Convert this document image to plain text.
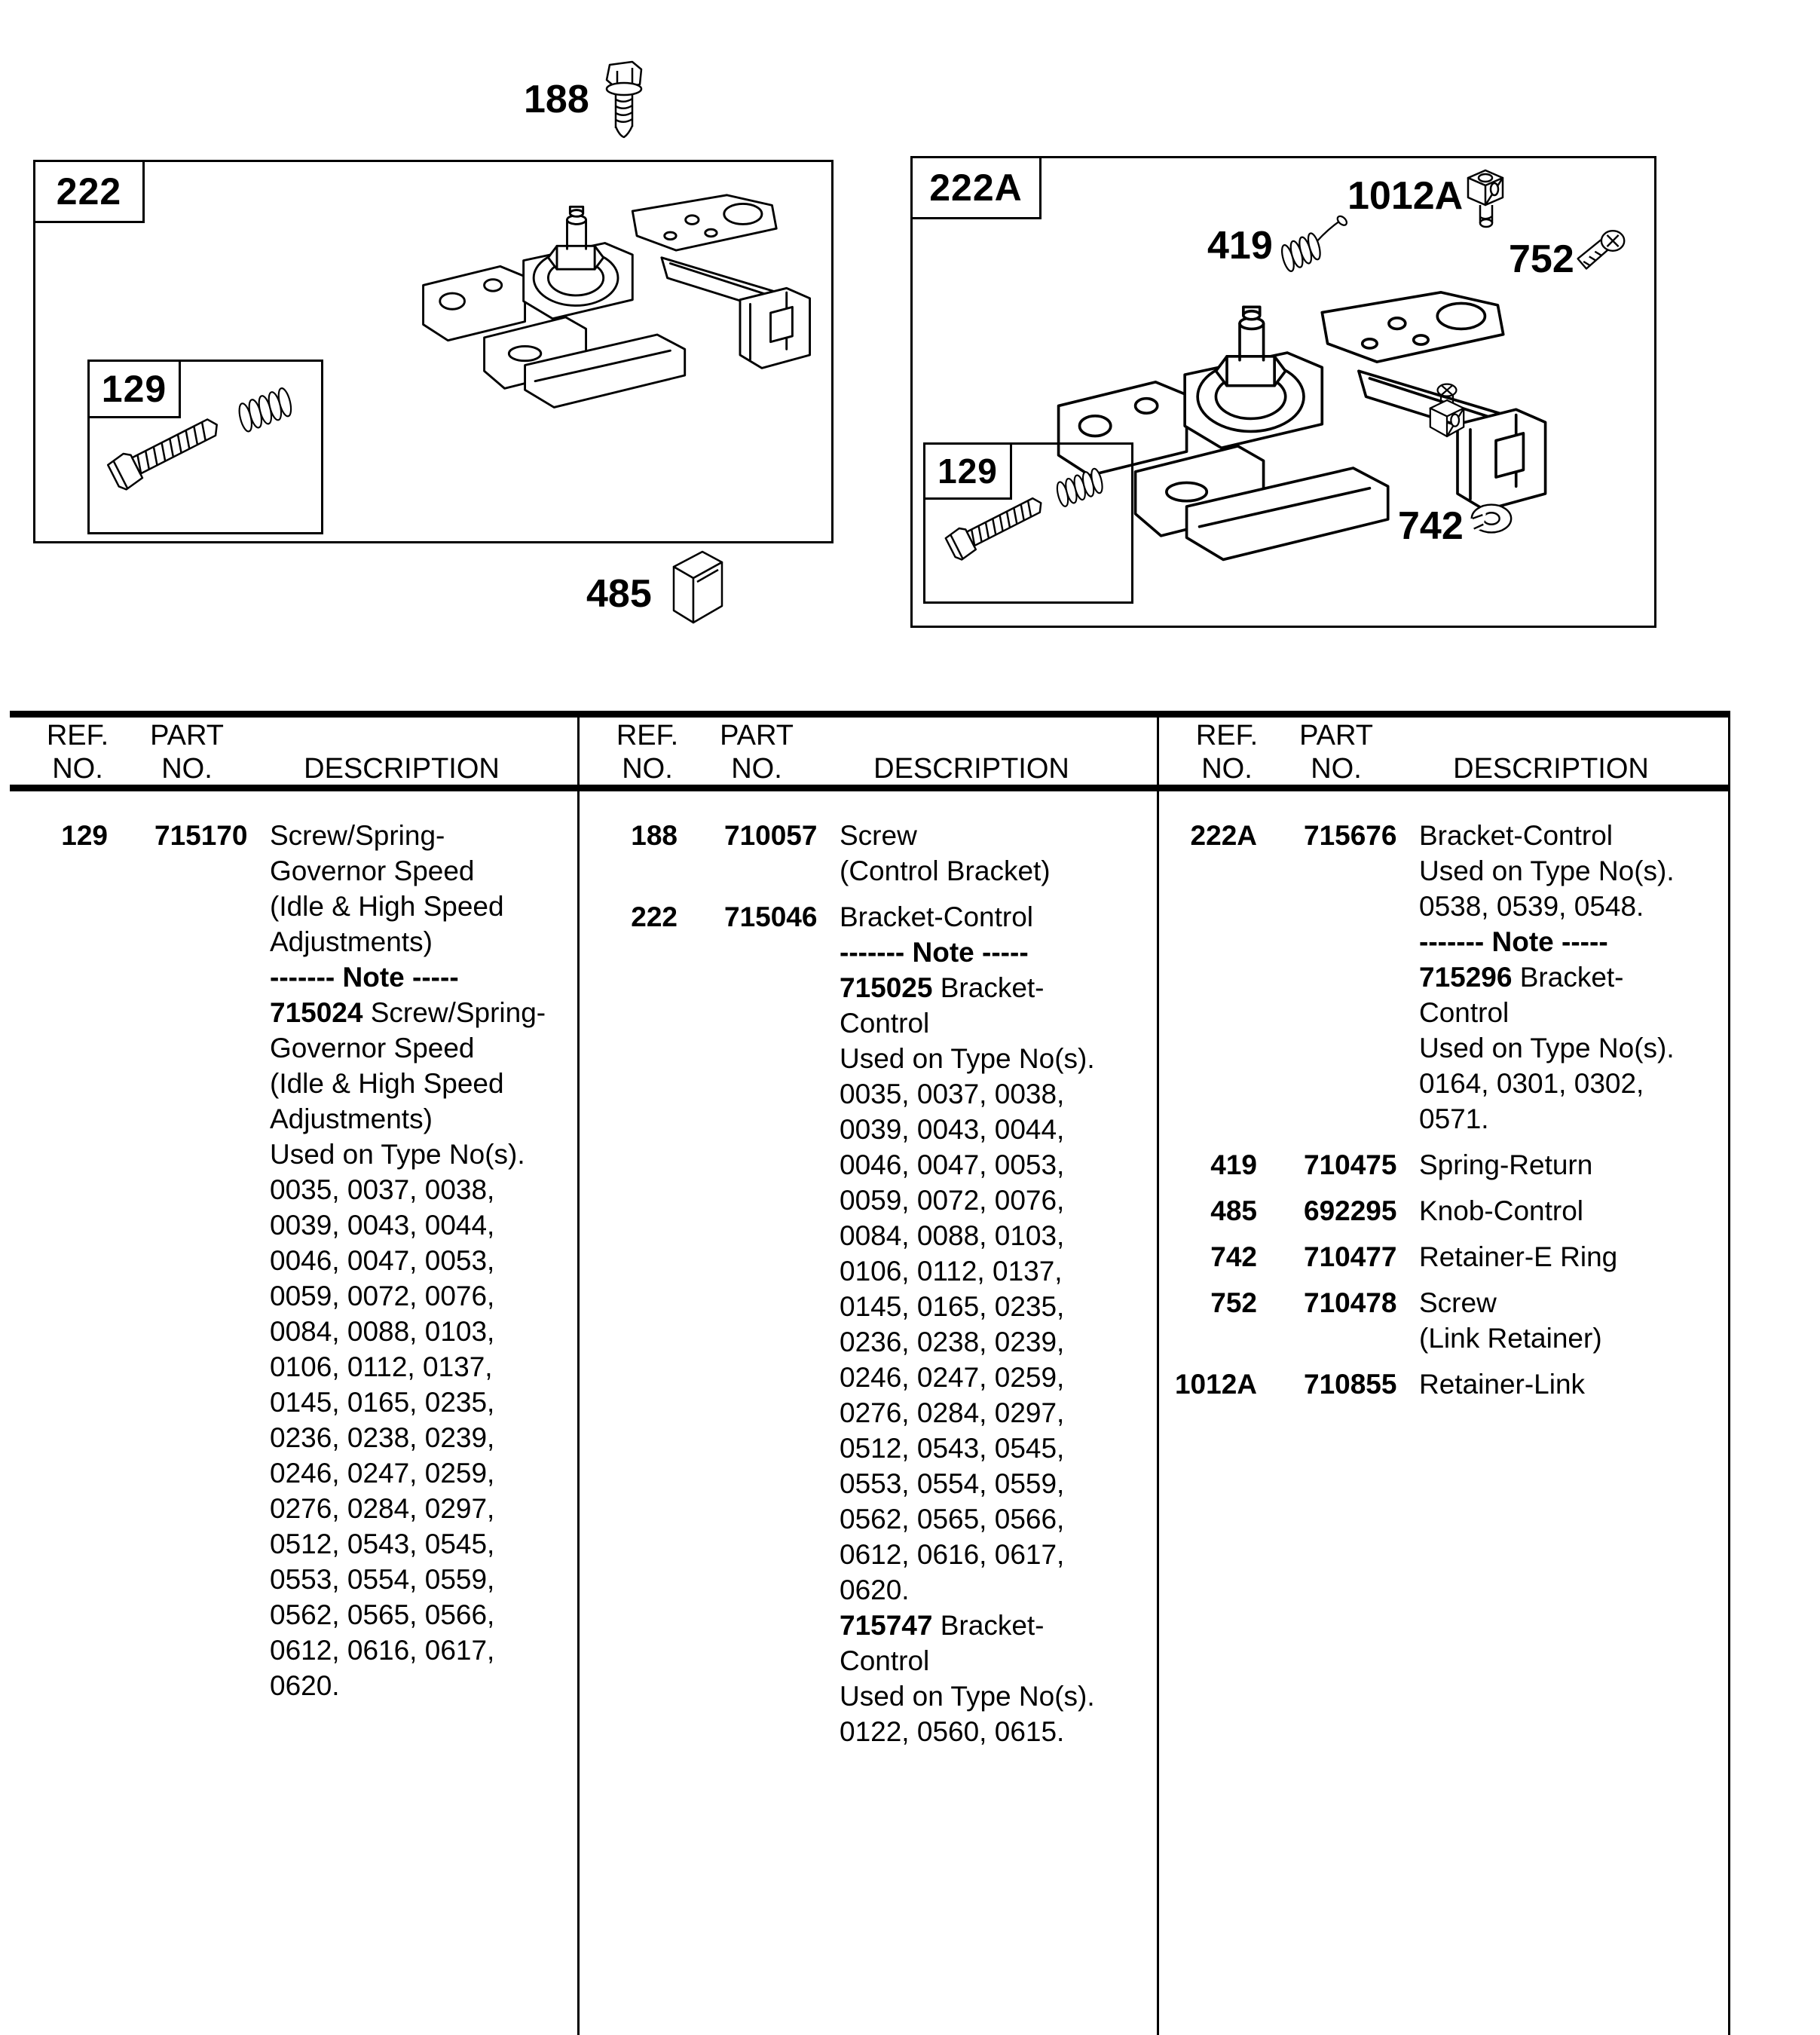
188
222
129
485
222A	1012A
419	752
129
742
REF.
NO.
PART
NO.	DESCRIPTION
129 715170 Screw/Spring-
Governor Speed
(Idle & High Speed
Adjustments)
------- Note -----
715024 Screw/Spring-
Governor Speed
(Idle & High Speed
Adjustments)
Used on Type No(s).
0035, 0037, 0038,
0039, 0043, 0044,
0046, 0047, 0053,
0059, 0072, 0076,
0084, 0088, 0103,
0106, 0112, 0137,
0145, 0165, 0235,
0236, 0238, 0239,
0246, 0247, 0259,
0276, 0284, 0297,
0512, 0543, 0545,
0553, 0554, 0559,
0562, 0565, 0566,
0612, 0616, 0617,
0620.
REF.
NO.
PART
NO.	DESCRIPTION
188 710057 Screw
(Control Bracket)
222 715046 Bracket-Control
------- Note -----
715025 Bracket-
Control
Used on Type No(s).
0035, 0037, 0038,
0039, 0043, 0044,
0046, 0047, 0053,
0059, 0072, 0076,
0084, 0088, 0103,
0106, 0112, 0137,
0145, 0165, 0235,
0236, 0238, 0239,
0246, 0247, 0259,
0276, 0284, 0297,
0512, 0543, 0545,
0553, 0554, 0559,
0562, 0565, 0566,
0612, 0616, 0617,
0620.
715747 Bracket-
Control
Used on Type No(s).
0122, 0560, 0615.
REF.
NO.
PART
NO.	DESCRIPTION
222A 715676 Bracket-Control
Used on Type No(s).
0538, 0539, 0548.
------- Note -----
715296 Bracket-
Control
Used on Type No(s).
0164, 0301, 0302,
0571.
419 710475 Spring-Return
485 692295 Knob-Control
742 710477 Retainer-E Ring
752 710478 Screw
(Link Retainer)
1012A 710855 Retainer-Link
